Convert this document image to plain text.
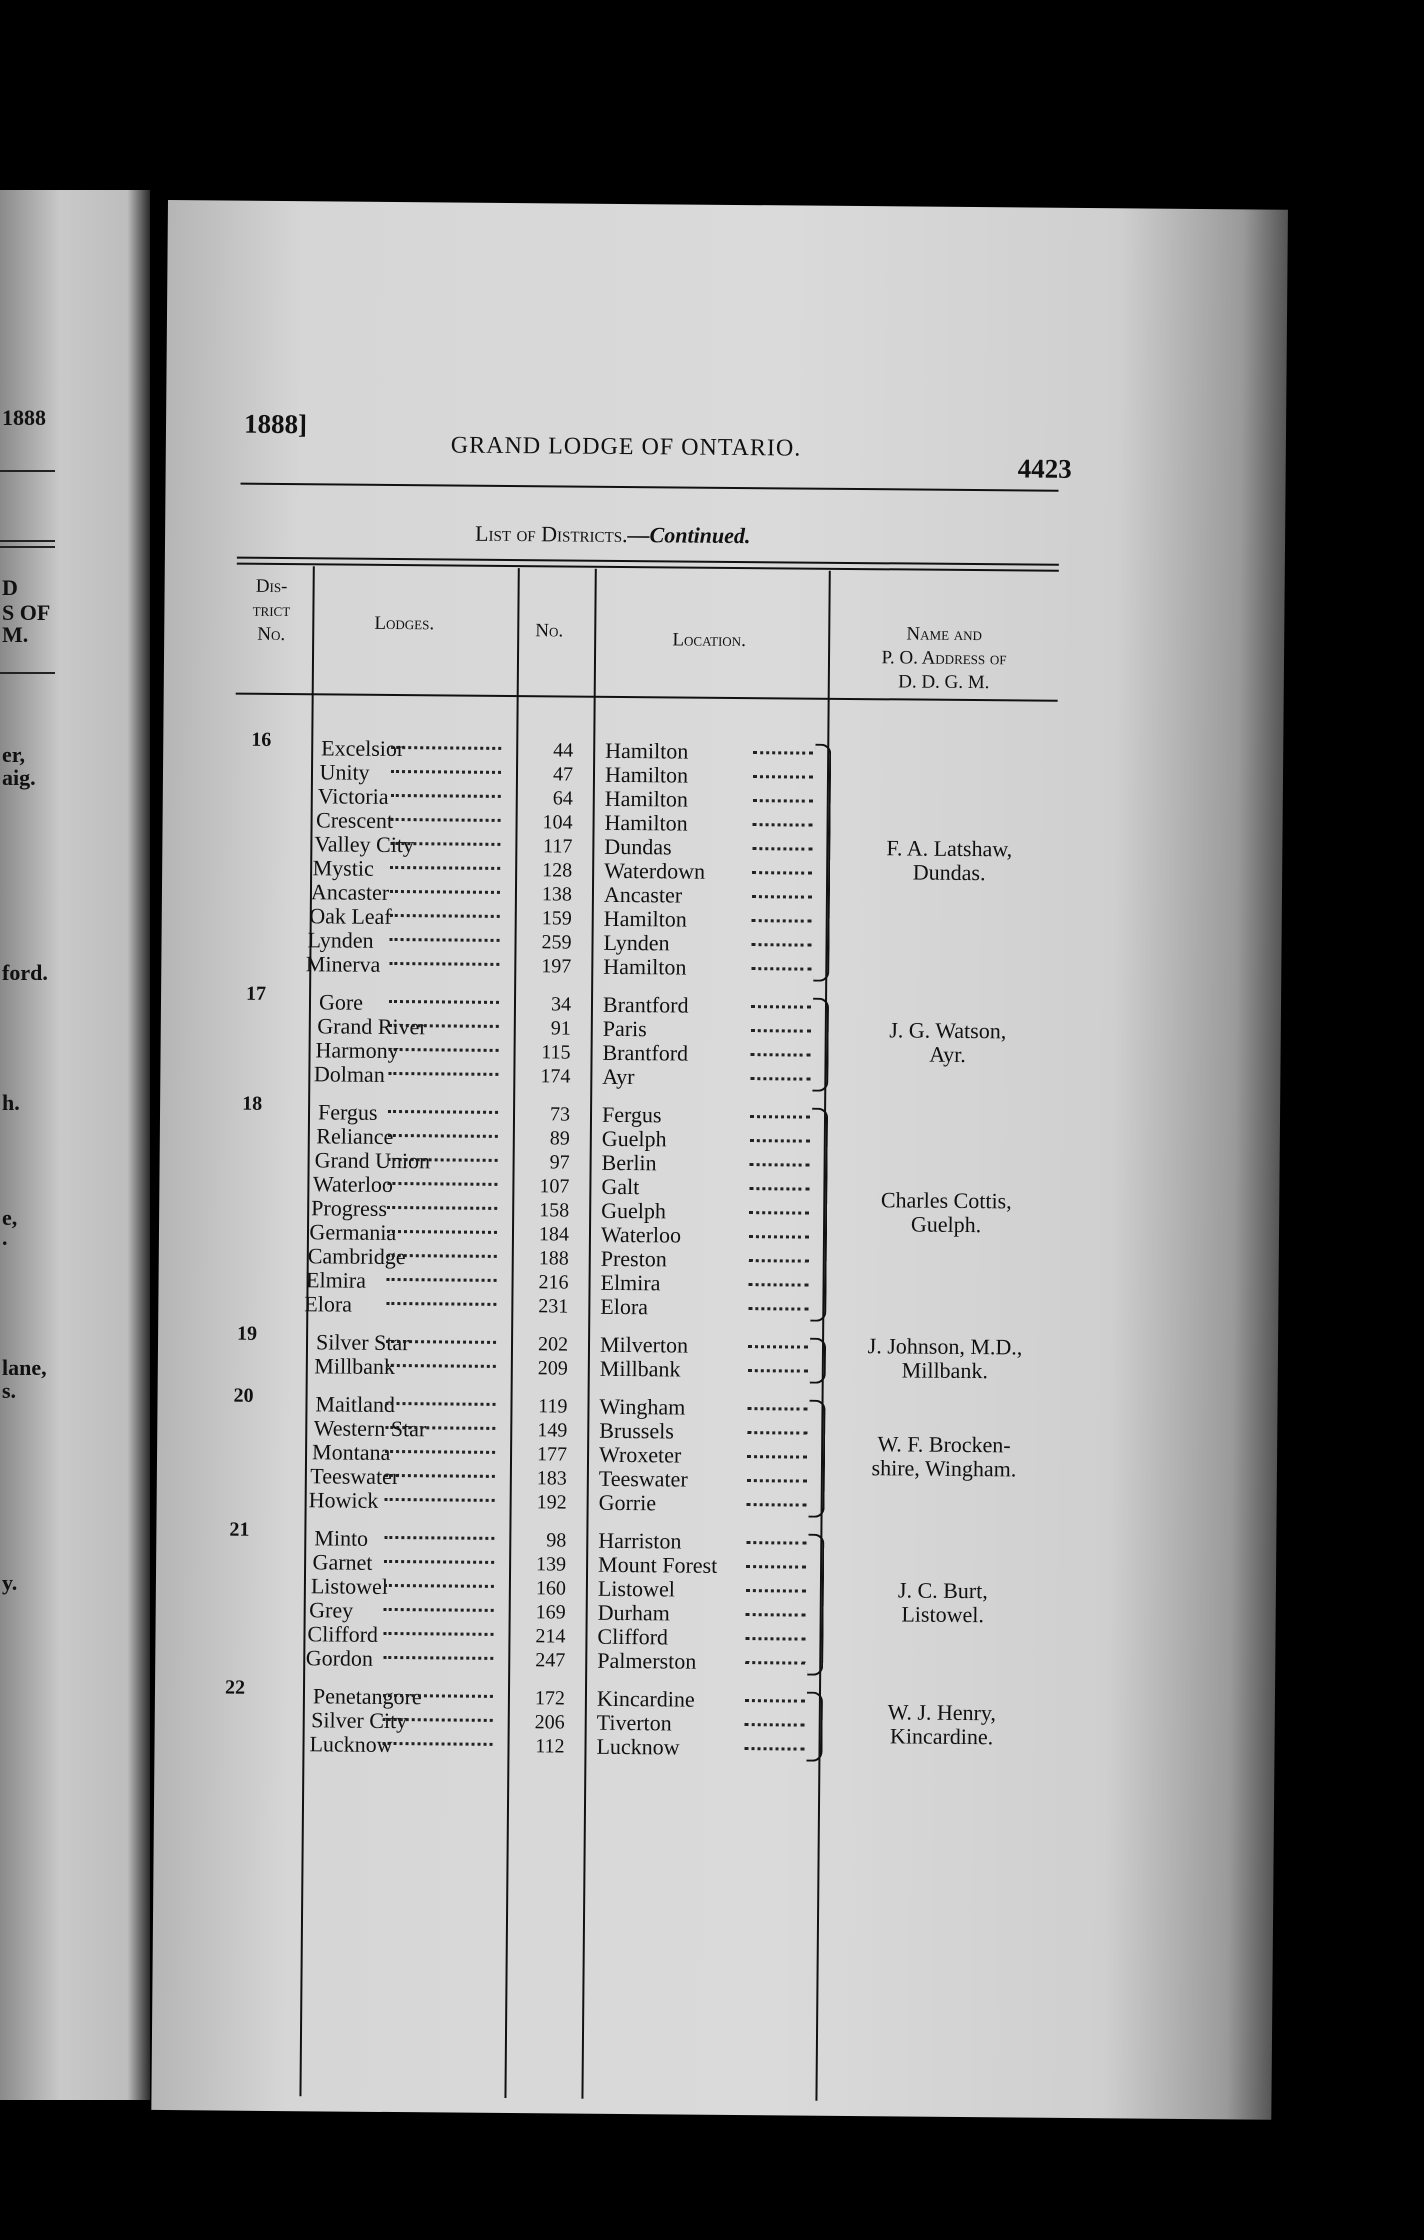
1888
D
S OF
M.
er,
aig.
ford.
h.
e,
.
lane,
s.
y.
1888]
GRAND LODGE OF ONTARIO.
4423
List of Districts.—Continued.
Dis-
trict
No.
Lodges.	No.	Location.	Name and
P. O. Address of
D. D. G. M.
16 Excelsior	44 Hamilton
Unity	47 Hamilton
Victoria	64 Hamilton
Crescent	104 Hamilton
Valley City	117 Dundas
Mystic	128 Waterdown
Ancaster	138 Ancaster
Oak Leaf	159 Hamilton
Lynden	259 Lynden
Minerva	197 Hamilton
F. A. Latshaw,
Dundas.
17 Gore	34 Brantford
Grand River	91 Paris
Harmony	115 Brantford
Dolman	174 Ayr
J. G. Watson,
Ayr.
18	Fergus	73 Fergus
Reliance	89 Guelph
Grand Union	97 Berlin
Waterloo	107 Galt
Progress	158 Guelph
Germania	184 Waterloo
Cambridge	188 Preston
Elmira	216 Elmira
Elora	231 Elora
Charles Cottis,
Guelph.
19	Silver Star	202 Milverton
Millbank	209 Millbank
J. Johnson, M.D.,
Millbank.
20	Maitland	119 Wingham
Western Star	149 Brussels
Montana	177 Wroxeter
Teeswater	183 Teeswater
Howick	192 Gorrie
W. F. Brocken-
shire, Wingham.
21	Minto	98 Harriston
Garnet	139 Mount Forest
Listowel	160 Listowel
Grey	169 Durham
Clifford	214 Clifford
Gordon	247 Palmerston
J. C. Burt,
Listowel.
22	Penetangore	172 Kincardine
Silver City	206 Tiverton
Lucknow	112 Lucknow
W. J. Henry,
Kincardine.
